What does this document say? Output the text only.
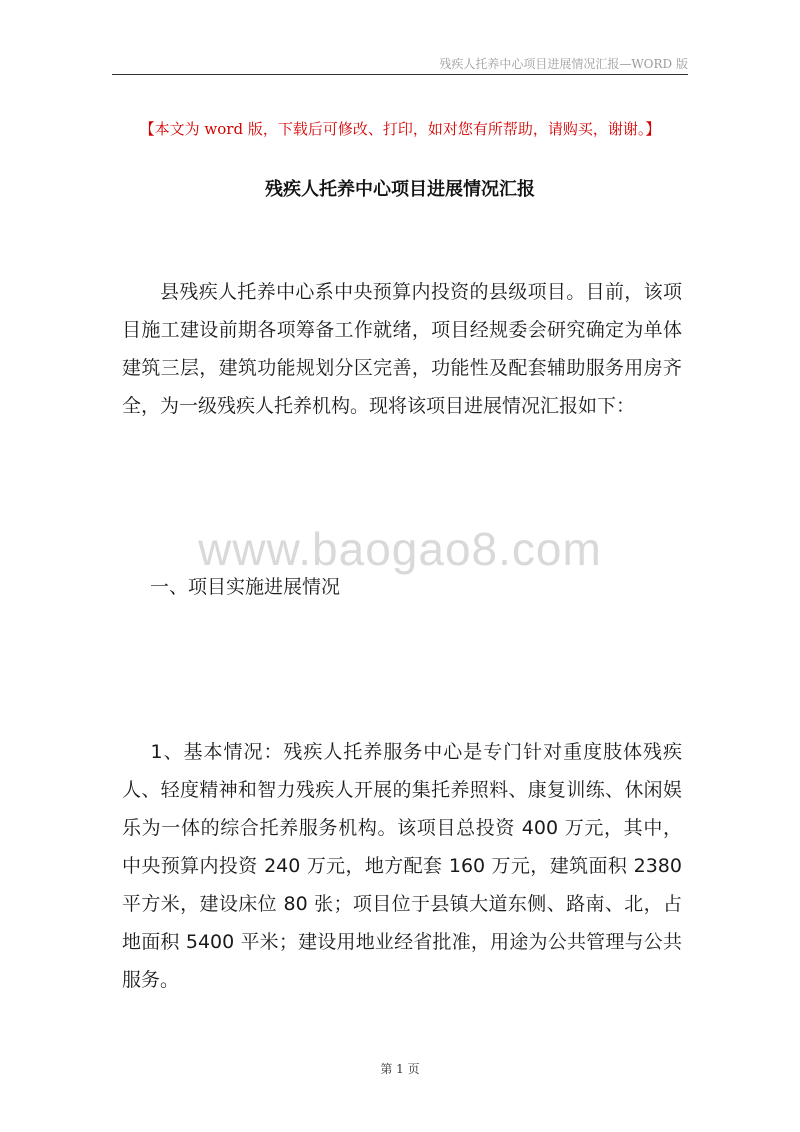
残疾人托养中心项目进展情况汇报—WORD 版
【本文为 word 版，下载后可修改、打印，如对您有所帮助，请购买，谢谢。】
残疾人托养中心项目进展情况汇报

县残疾人托养中心系中央预算内投资的县级项目。目前，该项目施工建设前期各项筹备工作就绪，项目经规委会研究确定为单体建筑三层，建筑功能规划分区完善，功能性及配套辅助服务用房齐全，为一级残疾人托养机构。现将该项目进展情况汇报如下：

www.baogao8.com
一、项目实施进展情况

1、基本情况：残疾人托养服务中心是专门针对重度肢体残疾人、轻度精神和智力残疾人开展的集托养照料、康复训练、休闲娱乐为一体的综合托养服务机构。该项目总投资 400 万元，其中，中央预算内投资 240 万元，地方配套 160 万元，建筑面积 2380 平方米，建设床位 80 张；项目位于县镇大道东侧、路南、北，占地面积 5400 平米；建设用地业经省批准，用途为公共管理与公共服务。

第 1 页
